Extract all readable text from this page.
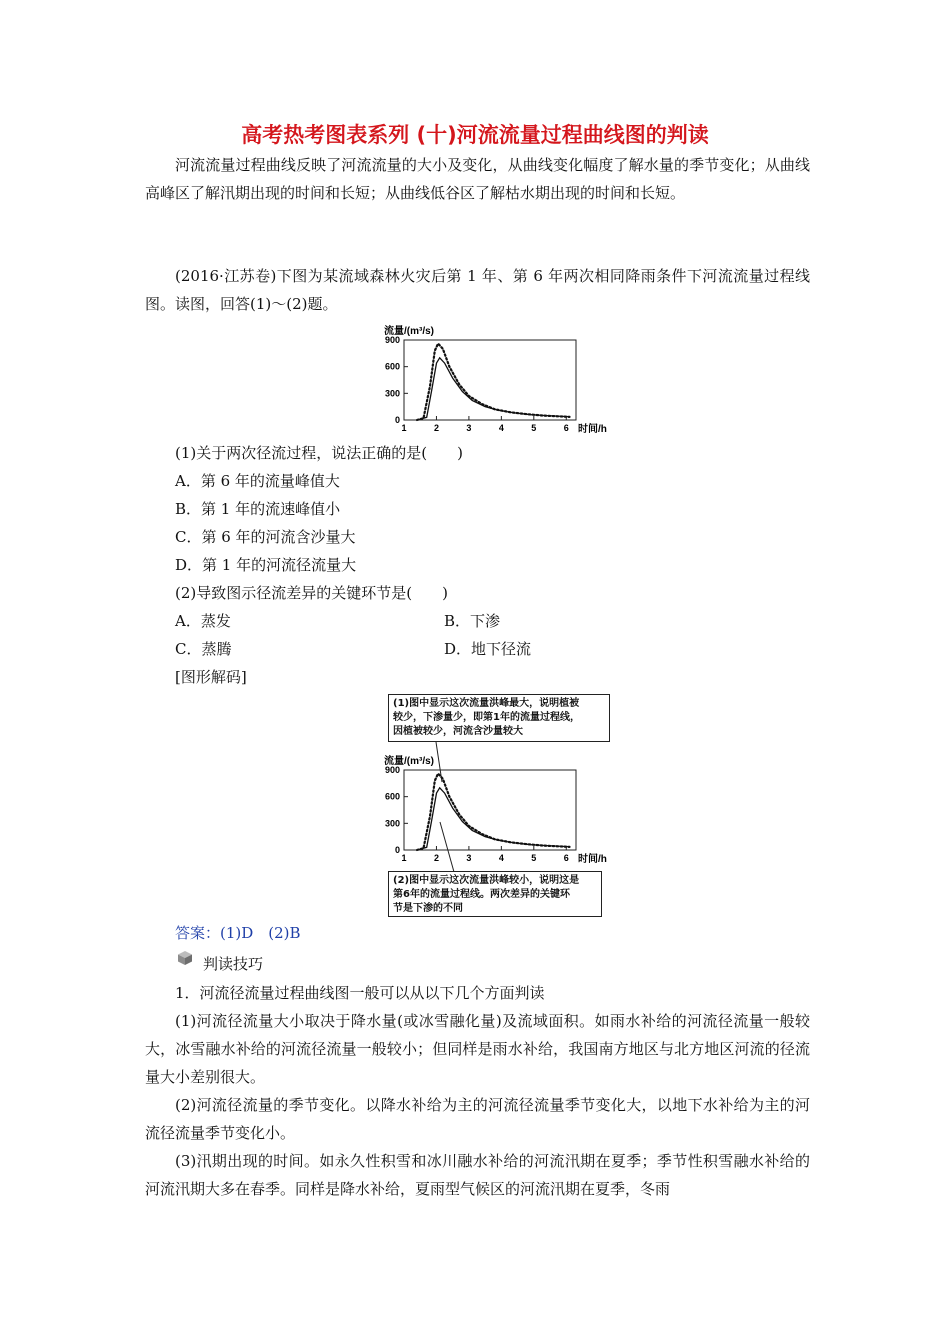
高考热考图表系列 (十)河流流量过程曲线图的判读
河流流量过程曲线反映了河流流量的大小及变化，从曲线变化幅度了解水量的季节变化；从曲线高峰区了解汛期出现的时间和长短；从曲线低谷区了解枯水期出现的时间和长短。
(2016·江苏卷)下图为某流域森林火灾后第 1 年、第 6 年两次相同降雨条件下河流流量过程线图。读图，回答(1)～(2)题。
流量/(m³/s)
0
300
600
900
1	2	3	4	5	6 时间/h
(1)关于两次径流过程，说法正确的是(　　)
A．第 6 年的流量峰值大
B．第 1 年的流速峰值小
C．第 6 年的河流含沙量大
D．第 1 年的河流径流量大
(2)导致图示径流差异的关键环节是(　　)
A．蒸发	B．下渗
C．蒸腾	D．地下径流
[图形解码]
(1)图中显示这次流量洪峰最大，说明植被
较少，下渗量少，即第1年的流量过程线，
因植被较少，河流含沙量较大
流量/(m³/s)
0
300
600
900
1	2	3	4	5	6 时间/h
(2)图中显示这次流量洪峰较小，说明这是
第6年的流量过程线。两次差异的关键环
节是下渗的不同
答案：(1)D　(2)B
判读技巧
1．河流径流量过程曲线图一般可以从以下几个方面判读
(1)河流径流量大小取决于降水量(或冰雪融化量)及流域面积。如雨水补给的河流径流量一般较大，冰雪融水补给的河流径流量一般较小；但同样是雨水补给，我国南方地区与北方地区河流的径流量大小差别很大。
(2)河流径流量的季节变化。以降水补给为主的河流径流量季节变化大，以地下水补给为主的河流径流量季节变化小。
(3)汛期出现的时间。如永久性积雪和冰川融水补给的河流汛期在夏季；季节性积雪融水补给的河流汛期大多在春季。同样是降水补给，夏雨型气候区的河流汛期在夏季，冬雨
